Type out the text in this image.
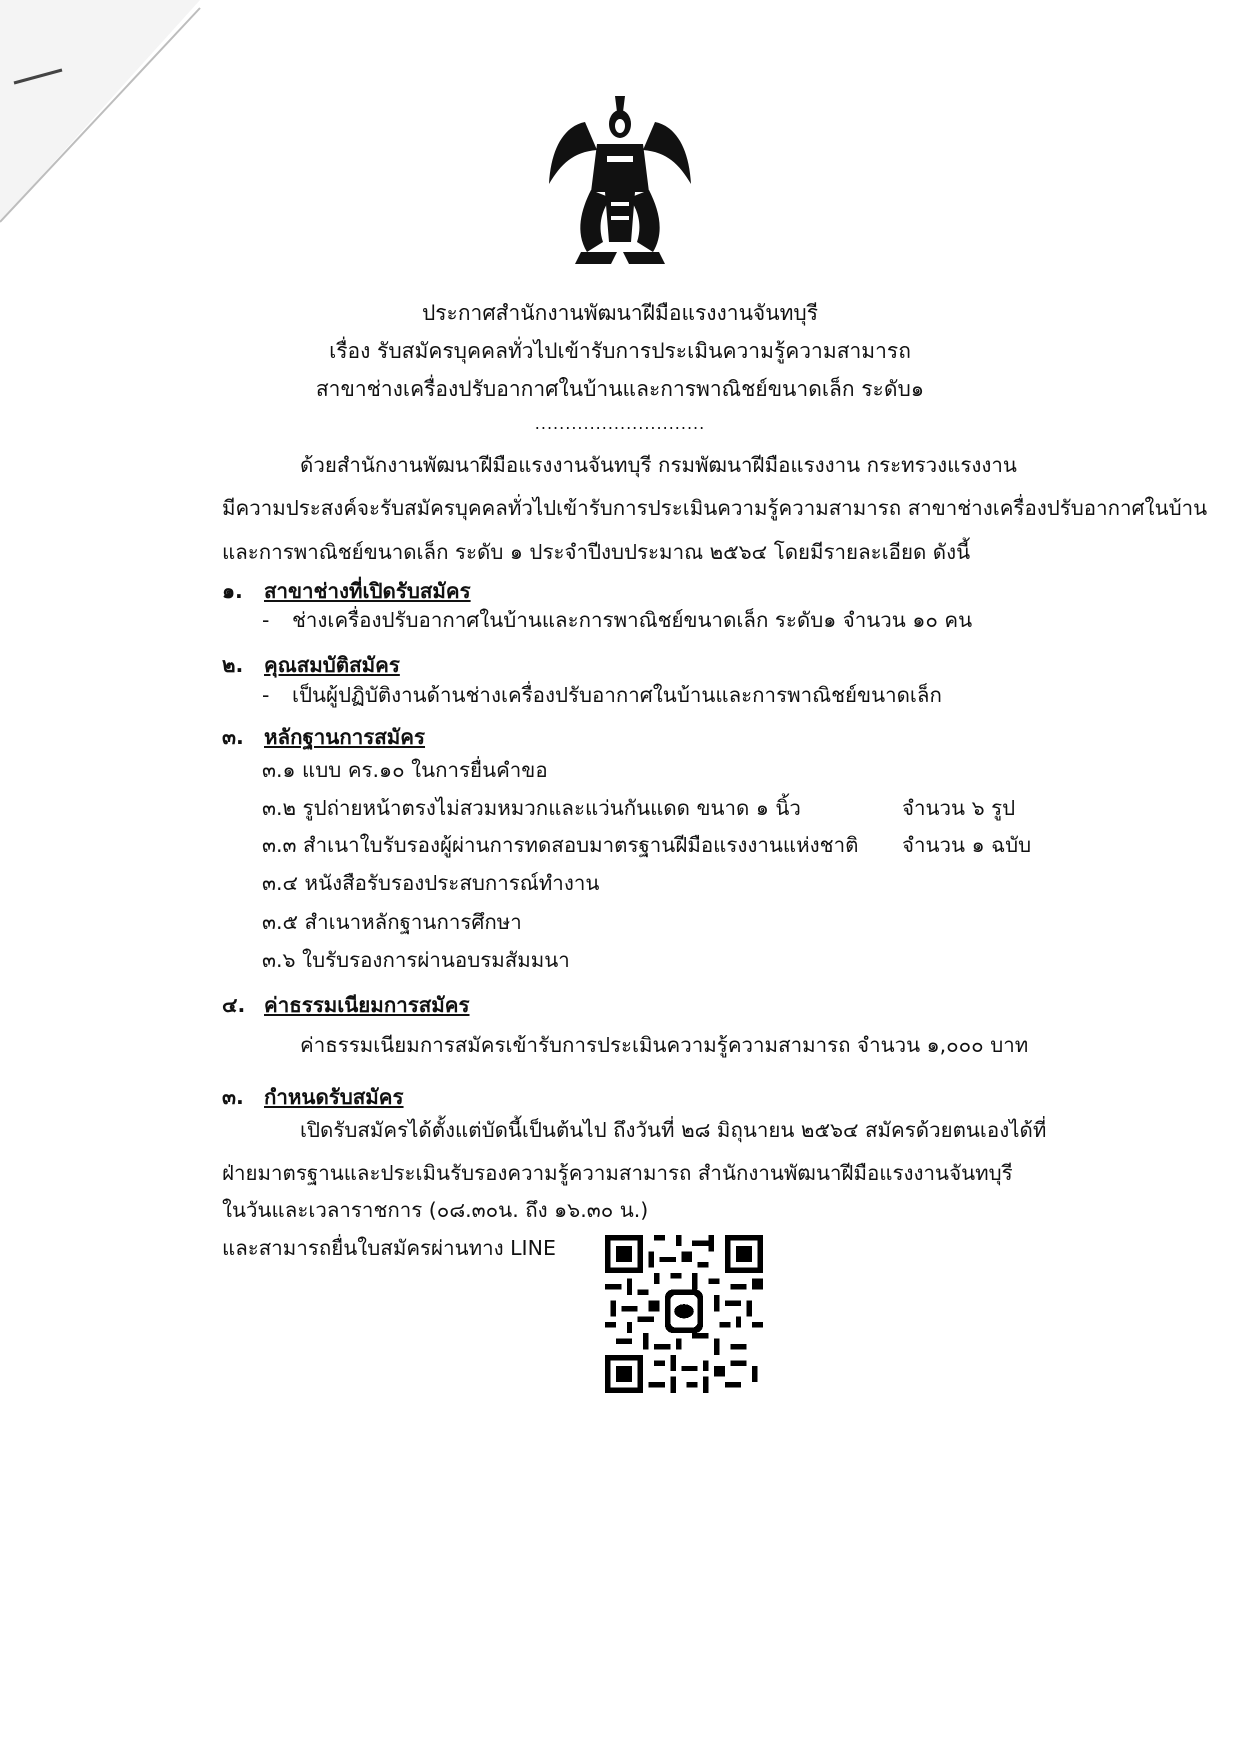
ประกาศสำนักงานพัฒนาฝีมือแรงงานจันทบุรี
เรื่อง รับสมัครบุคคลทั่วไปเข้ารับการประเมินความรู้ความสามารถ
สาขาช่างเครื่องปรับอากาศในบ้านและการพาณิชย์ขนาดเล็ก ระดับ๑
............................
ด้วยสำนักงานพัฒนาฝีมือแรงงานจันทบุรี กรมพัฒนาฝีมือแรงงาน กระทรวงแรงงาน
มีความประสงค์จะรับสมัครบุคคลทั่วไปเข้ารับการประเมินความรู้ความสามารถ สาขาช่างเครื่องปรับอากาศในบ้าน
และการพาณิชย์ขนาดเล็ก ระดับ ๑ ประจำปีงบประมาณ ๒๕๖๔ โดยมีรายละเอียด ดังนี้
๑. สาขาช่างที่เปิดรับสมัคร
- ช่างเครื่องปรับอากาศในบ้านและการพาณิชย์ขนาดเล็ก ระดับ๑ จำนวน ๑๐ คน
๒. คุณสมบัติสมัคร
- เป็นผู้ปฏิบัติงานด้านช่างเครื่องปรับอากาศในบ้านและการพาณิชย์ขนาดเล็ก
๓. หลักฐานการสมัคร
๓.๑ แบบ คร.๑๐ ในการยื่นคำขอ
๓.๒ รูปถ่ายหน้าตรงไม่สวมหมวกและแว่นกันแดด ขนาด ๑ นิ้ว	จำนวน ๖ รูป
๓.๓ สำเนาใบรับรองผู้ผ่านการทดสอบมาตรฐานฝีมือแรงงานแห่งชาติ จำนวน ๑ ฉบับ
๓.๔ หนังสือรับรองประสบการณ์ทำงาน
๓.๕ สำเนาหลักฐานการศึกษา
๓.๖ ใบรับรองการผ่านอบรมสัมมนา
๔. ค่าธรรมเนียมการสมัคร
ค่าธรรมเนียมการสมัครเข้ารับการประเมินความรู้ความสามารถ จำนวน ๑,๐๐๐ บาท
๓. กำหนดรับสมัคร
เปิดรับสมัครได้ตั้งแต่บัดนี้เป็นต้นไป ถึงวันที่ ๒๘ มิถุนายน ๒๕๖๔ สมัครด้วยตนเองได้ที่
ฝ่ายมาตรฐานและประเมินรับรองความรู้ความสามารถ สำนักงานพัฒนาฝีมือแรงงานจันทบุรี
ในวันและเวลาราชการ (๐๘.๓๐น. ถึง ๑๖.๓๐ น.)
และสามารถยื่นใบสมัครผ่านทาง LINE
